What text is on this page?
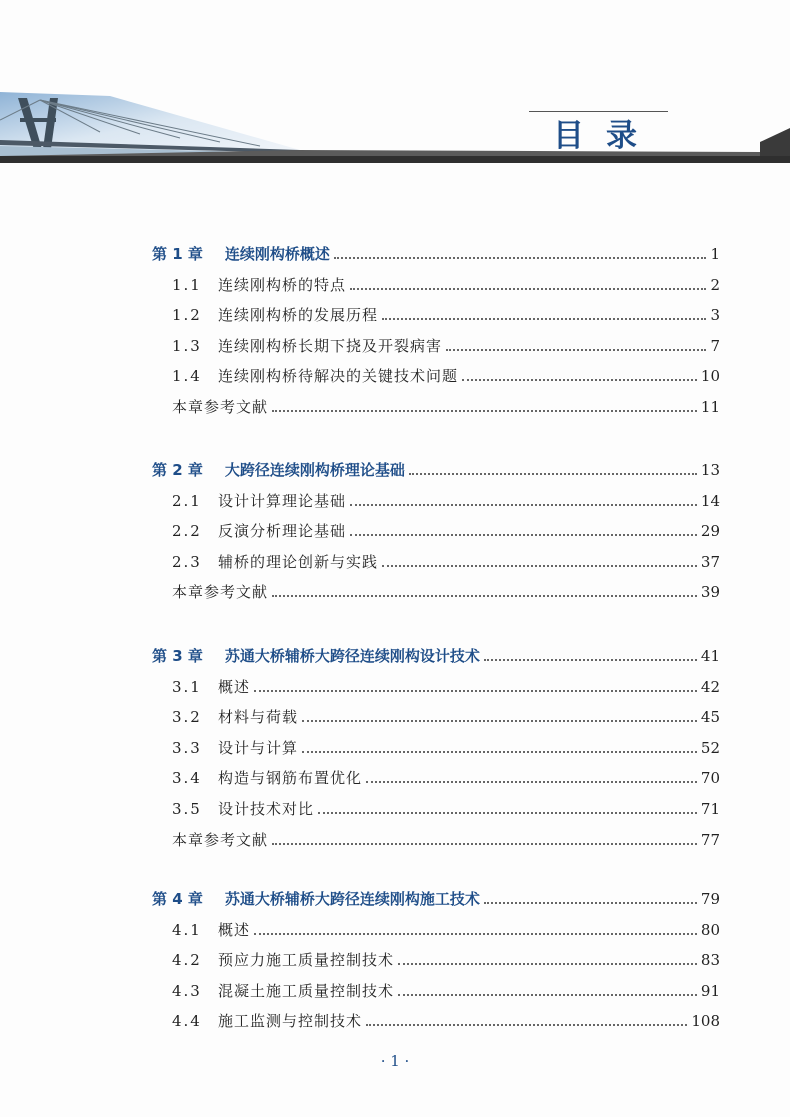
目录
第 1 章 连续刚构桥概述	1
1.1	连续刚构桥的特点	2
1.2	连续刚构桥的发展历程	3
1.3	连续刚构桥长期下挠及开裂病害	7
1.4	连续刚构桥待解决的关键技术问题	10
本章参考文献	11
第 2 章 大跨径连续刚构桥理论基础	13
2.1	设计计算理论基础	14
2.2	反演分析理论基础	29
2.3	辅桥的理论创新与实践	37
本章参考文献	39
第 3 章 苏通大桥辅桥大跨径连续刚构设计技术	41
3.1	概述	42
3.2	材料与荷载	45
3.3	设计与计算	52
3.4	构造与钢筋布置优化	70
3.5	设计技术对比	71
本章参考文献	77
第 4 章 苏通大桥辅桥大跨径连续刚构施工技术	79
4.1	概述	80
4.2	预应力施工质量控制技术	83
4.3	混凝土施工质量控制技术	91
4.4	施工监测与控制技术	108
· 1 ·
